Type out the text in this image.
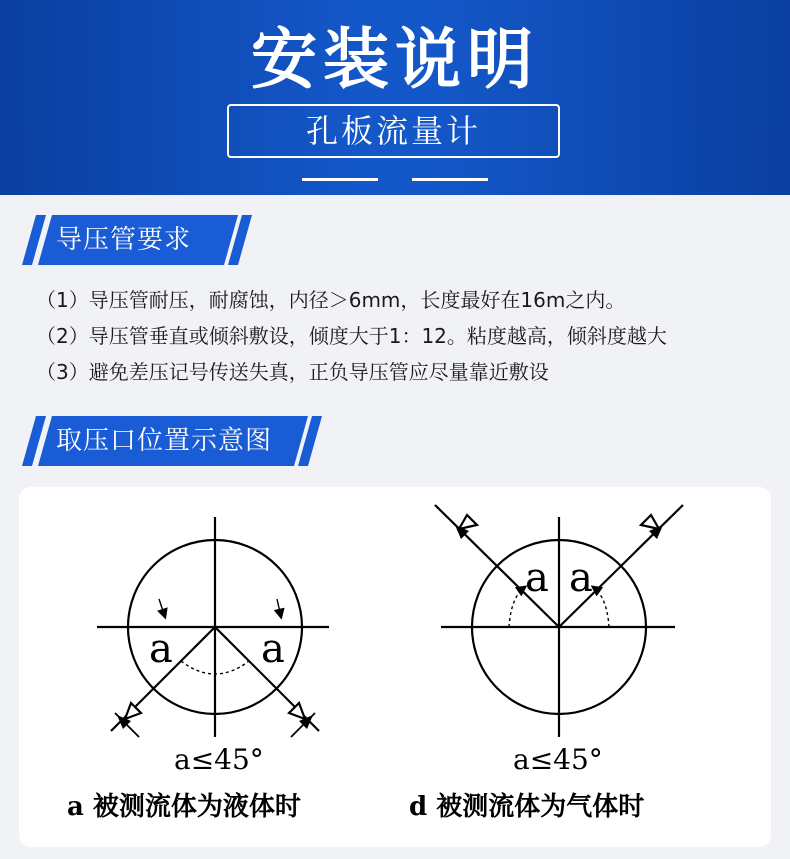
安装说明
孔板流量计
导压管要求
（1）导压管耐压，耐腐蚀，内径＞6mm，长度最好在16m之内。
（2）导压管垂直或倾斜敷设，倾度大于1：12。粘度越高，倾斜度越大
（3）避免差压记号传送失真，正负导压管应尽量靠近敷设
取压口位置示意图
a a
a≤45°
a 被测流体为液体时
a a
a≤45°
d 被测流体为气体时
